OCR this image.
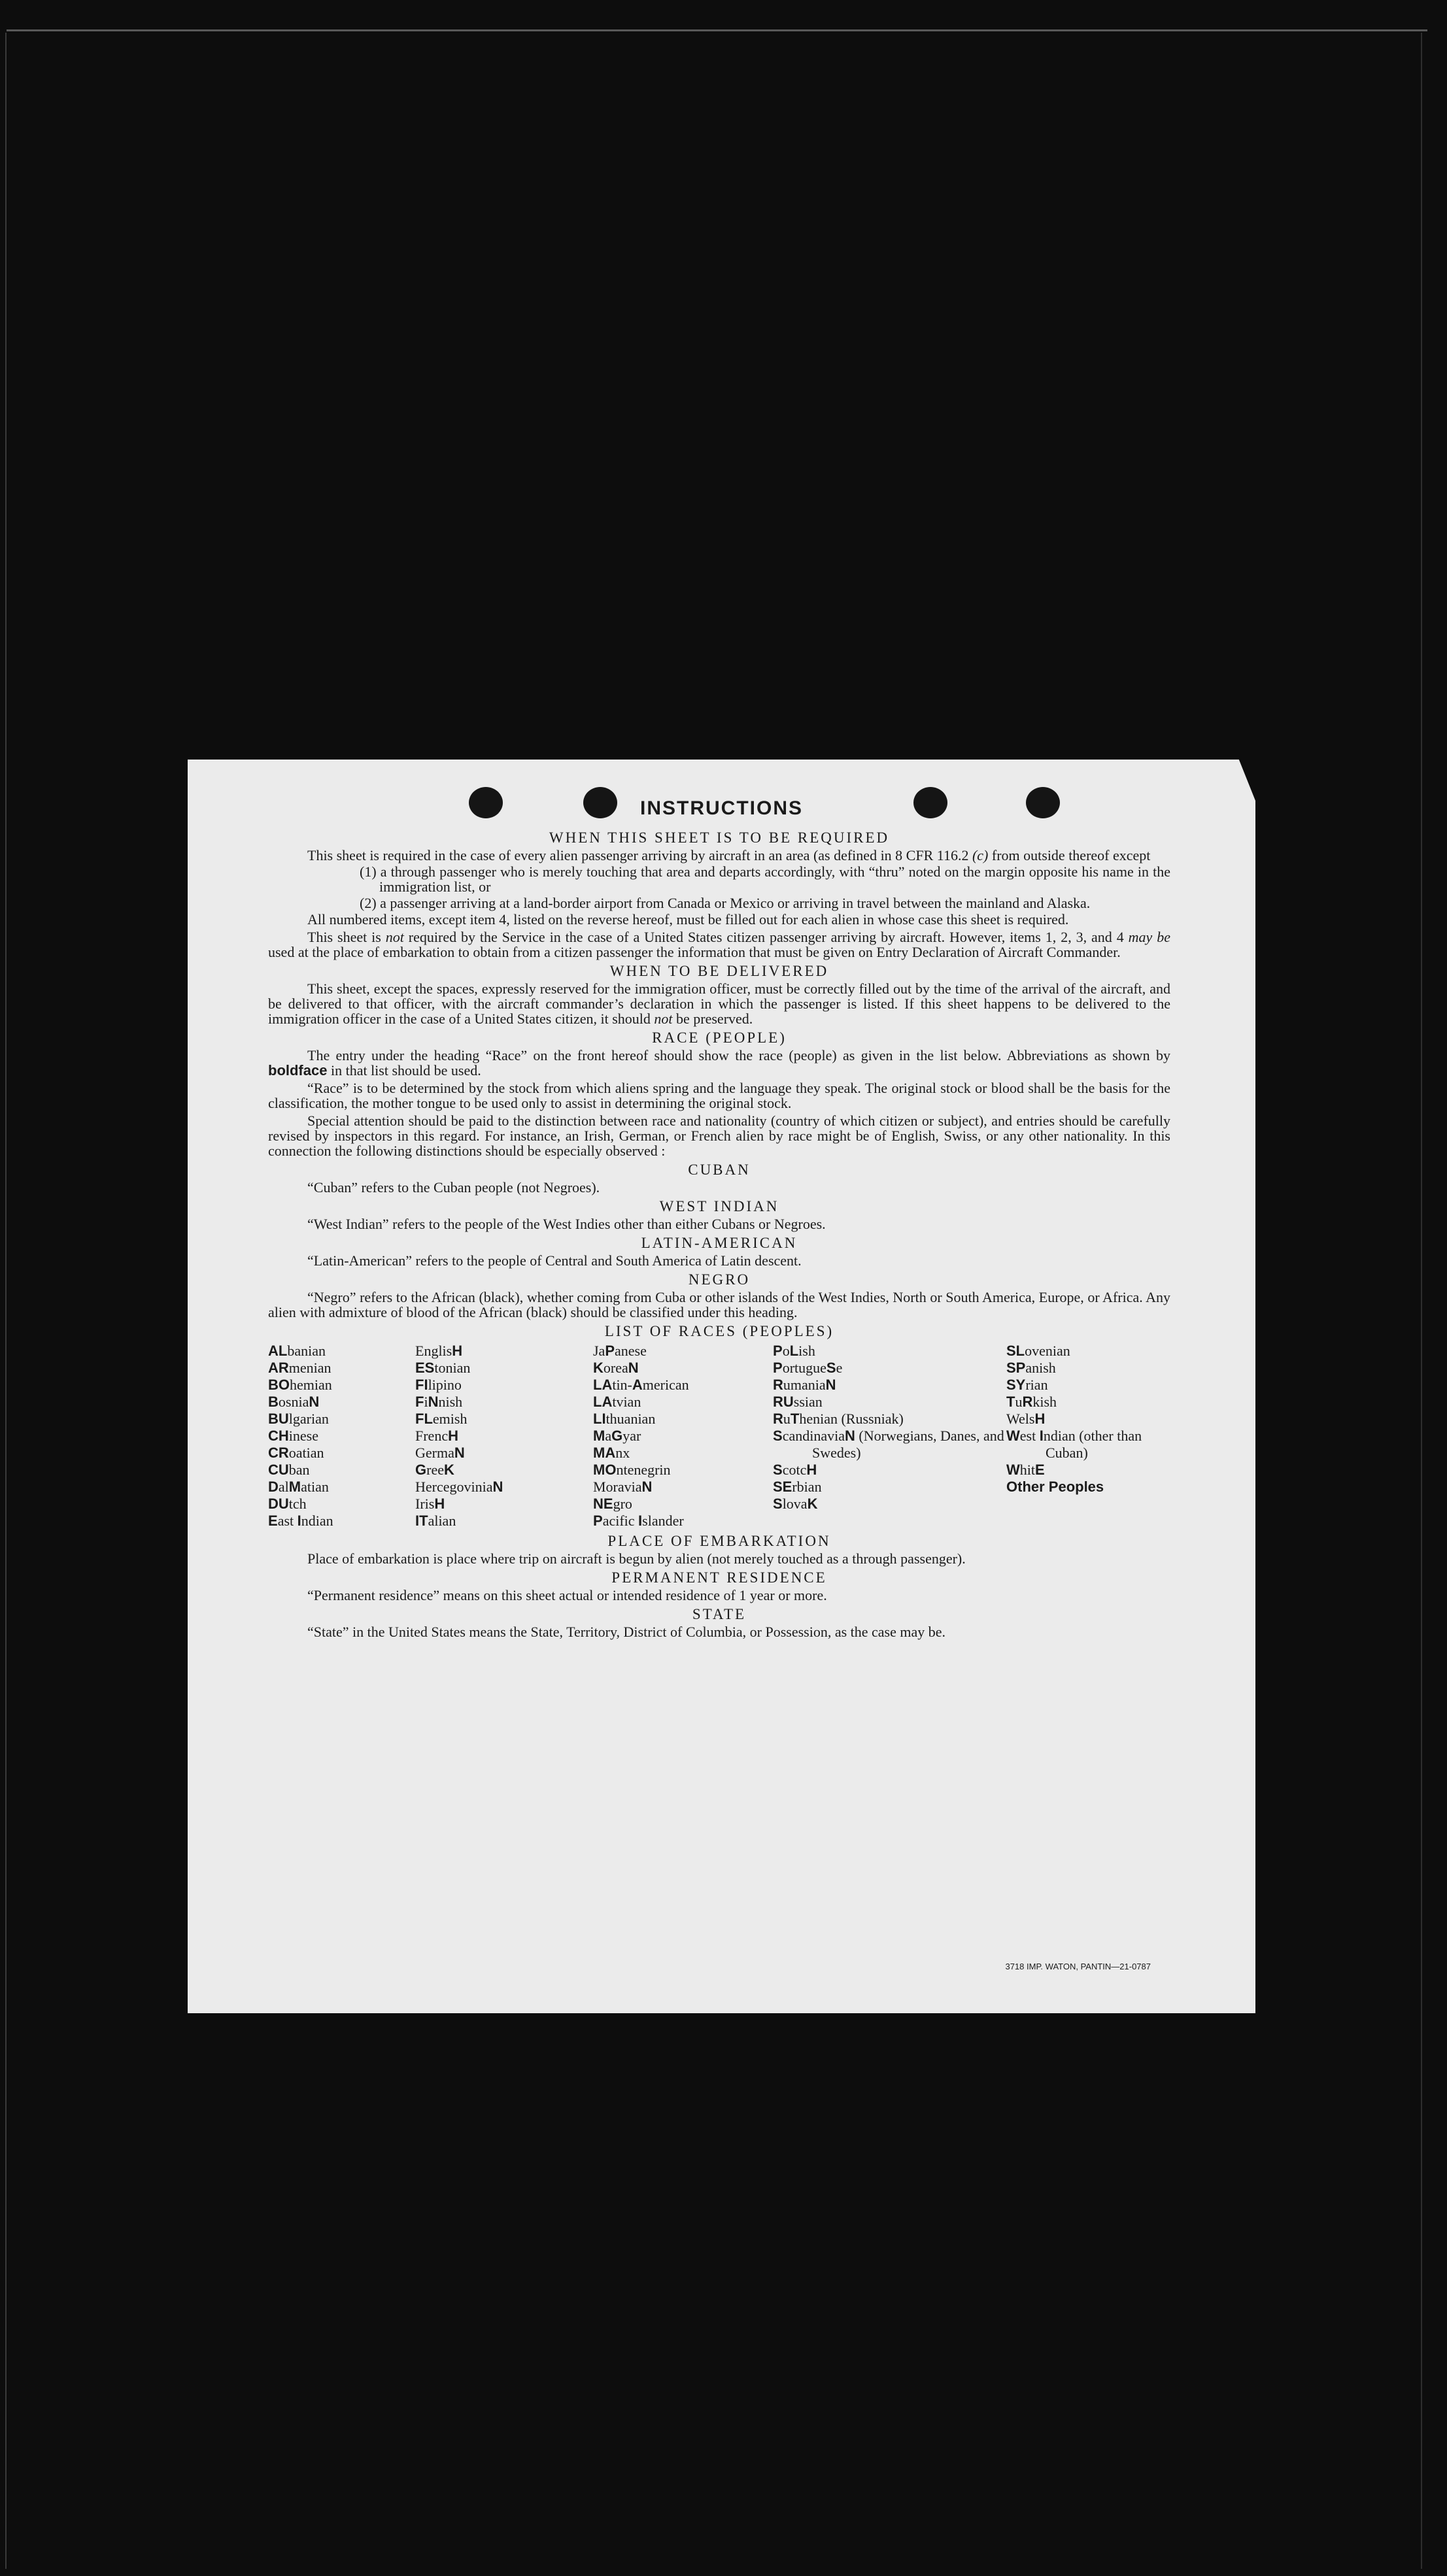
INSTRUCTIONS
WHEN THIS SHEET IS TO BE REQUIRED

This sheet is required in the case of every alien passenger arriving by aircraft in an area (as defined in 8 CFR 116.2 (c) from outside thereof except

(1) a through passenger who is merely touching that area and departs accordingly, with “thru” noted on the margin opposite his name in the immigration list, or
(2) a passenger arriving at a land-border airport from Canada or Mexico or arriving in travel between the mainland and Alaska.

All numbered items, except item 4, listed on the reverse hereof, must be filled out for each alien in whose case this sheet is required.

This sheet is not required by the Service in the case of a United States citizen passenger arriving by aircraft. However, items 1, 2, 3, and 4 may be used at the place of embarkation to obtain from a citizen passenger the information that must be given on Entry Declaration of Aircraft Commander.

WHEN TO BE DELIVERED

This sheet, except the spaces, expressly reserved for the immigration officer, must be correctly filled out by the time of the arrival of the aircraft, and be delivered to that officer, with the aircraft commander’s declaration in which the passenger is listed. If this sheet happens to be delivered to the immigration officer in the case of a United States citizen, it should not be preserved.

RACE (PEOPLE)

The entry under the heading “Race” on the front hereof should show the race (people) as given in the list below. Abbreviations as shown by boldface in that list should be used.

“Race” is to be determined by the stock from which aliens spring and the language they speak. The original stock or blood shall be the basis for the classification, the mother tongue to be used only to assist in determining the original stock.

Special attention should be paid to the distinction between race and nationality (country of which citizen or subject), and entries should be carefully revised by inspectors in this regard. For instance, an Irish, German, or French alien by race might be of English, Swiss, or any other nationality. In this connection the following distinctions should be especially observed :

CUBAN
“Cuban” refers to the Cuban people (not Negroes).
WEST INDIAN
“West Indian” refers to the people of the West Indies other than either Cubans or Negroes.
LATIN-AMERICAN
“Latin-American” refers to the people of Central and South America of Latin descent.
NEGRO

“Negro” refers to the African (black), whether coming from Cuba or other islands of the West Indies, North or South America, Europe, or Africa. Any alien with admixture of blood of the African (black) should be classified under this heading.

LIST OF RACES (PEOPLES)
ALbanian
ARmenian
BOhemian
BosniaN
BUlgarian
CHinese
CRoatian
CUban
DalMatian
DUtch
East Indian
EnglisH
EStonian
FIlipino
FiNnish
FLemish
FrencH
GermaN
GreeK
HercegoviniaN
IrisH
ITalian
JaPanese
KoreaN
LAtin-American
LAtvian
LIthuanian
MaGyar
MAnx
MOntenegrin
MoraviaN
NEgro
Pacific Islander
PoLish
PortugueSe
RumaniaN
RUssian
RuThenian (Russniak)
ScandinaviaN (Norwegians, Danes, and Swedes)
ScotcH
SErbian
SlovaK
SLovenian
SPanish
SYrian
TuRkish
WelsH
West Indian (other than Cuban)
WhitE
Other Peoples
PLACE OF EMBARKATION

Place of embarkation is place where trip on aircraft is begun by alien (not merely touched as a through passenger).

PERMANENT RESIDENCE
“Permanent residence” means on this sheet actual or intended residence of 1 year or more.
STATE
“State” in the United States means the State, Territory, District of Columbia, or Possession, as the case may be.
3718 IMP. WATON, PANTIN—21-0787
